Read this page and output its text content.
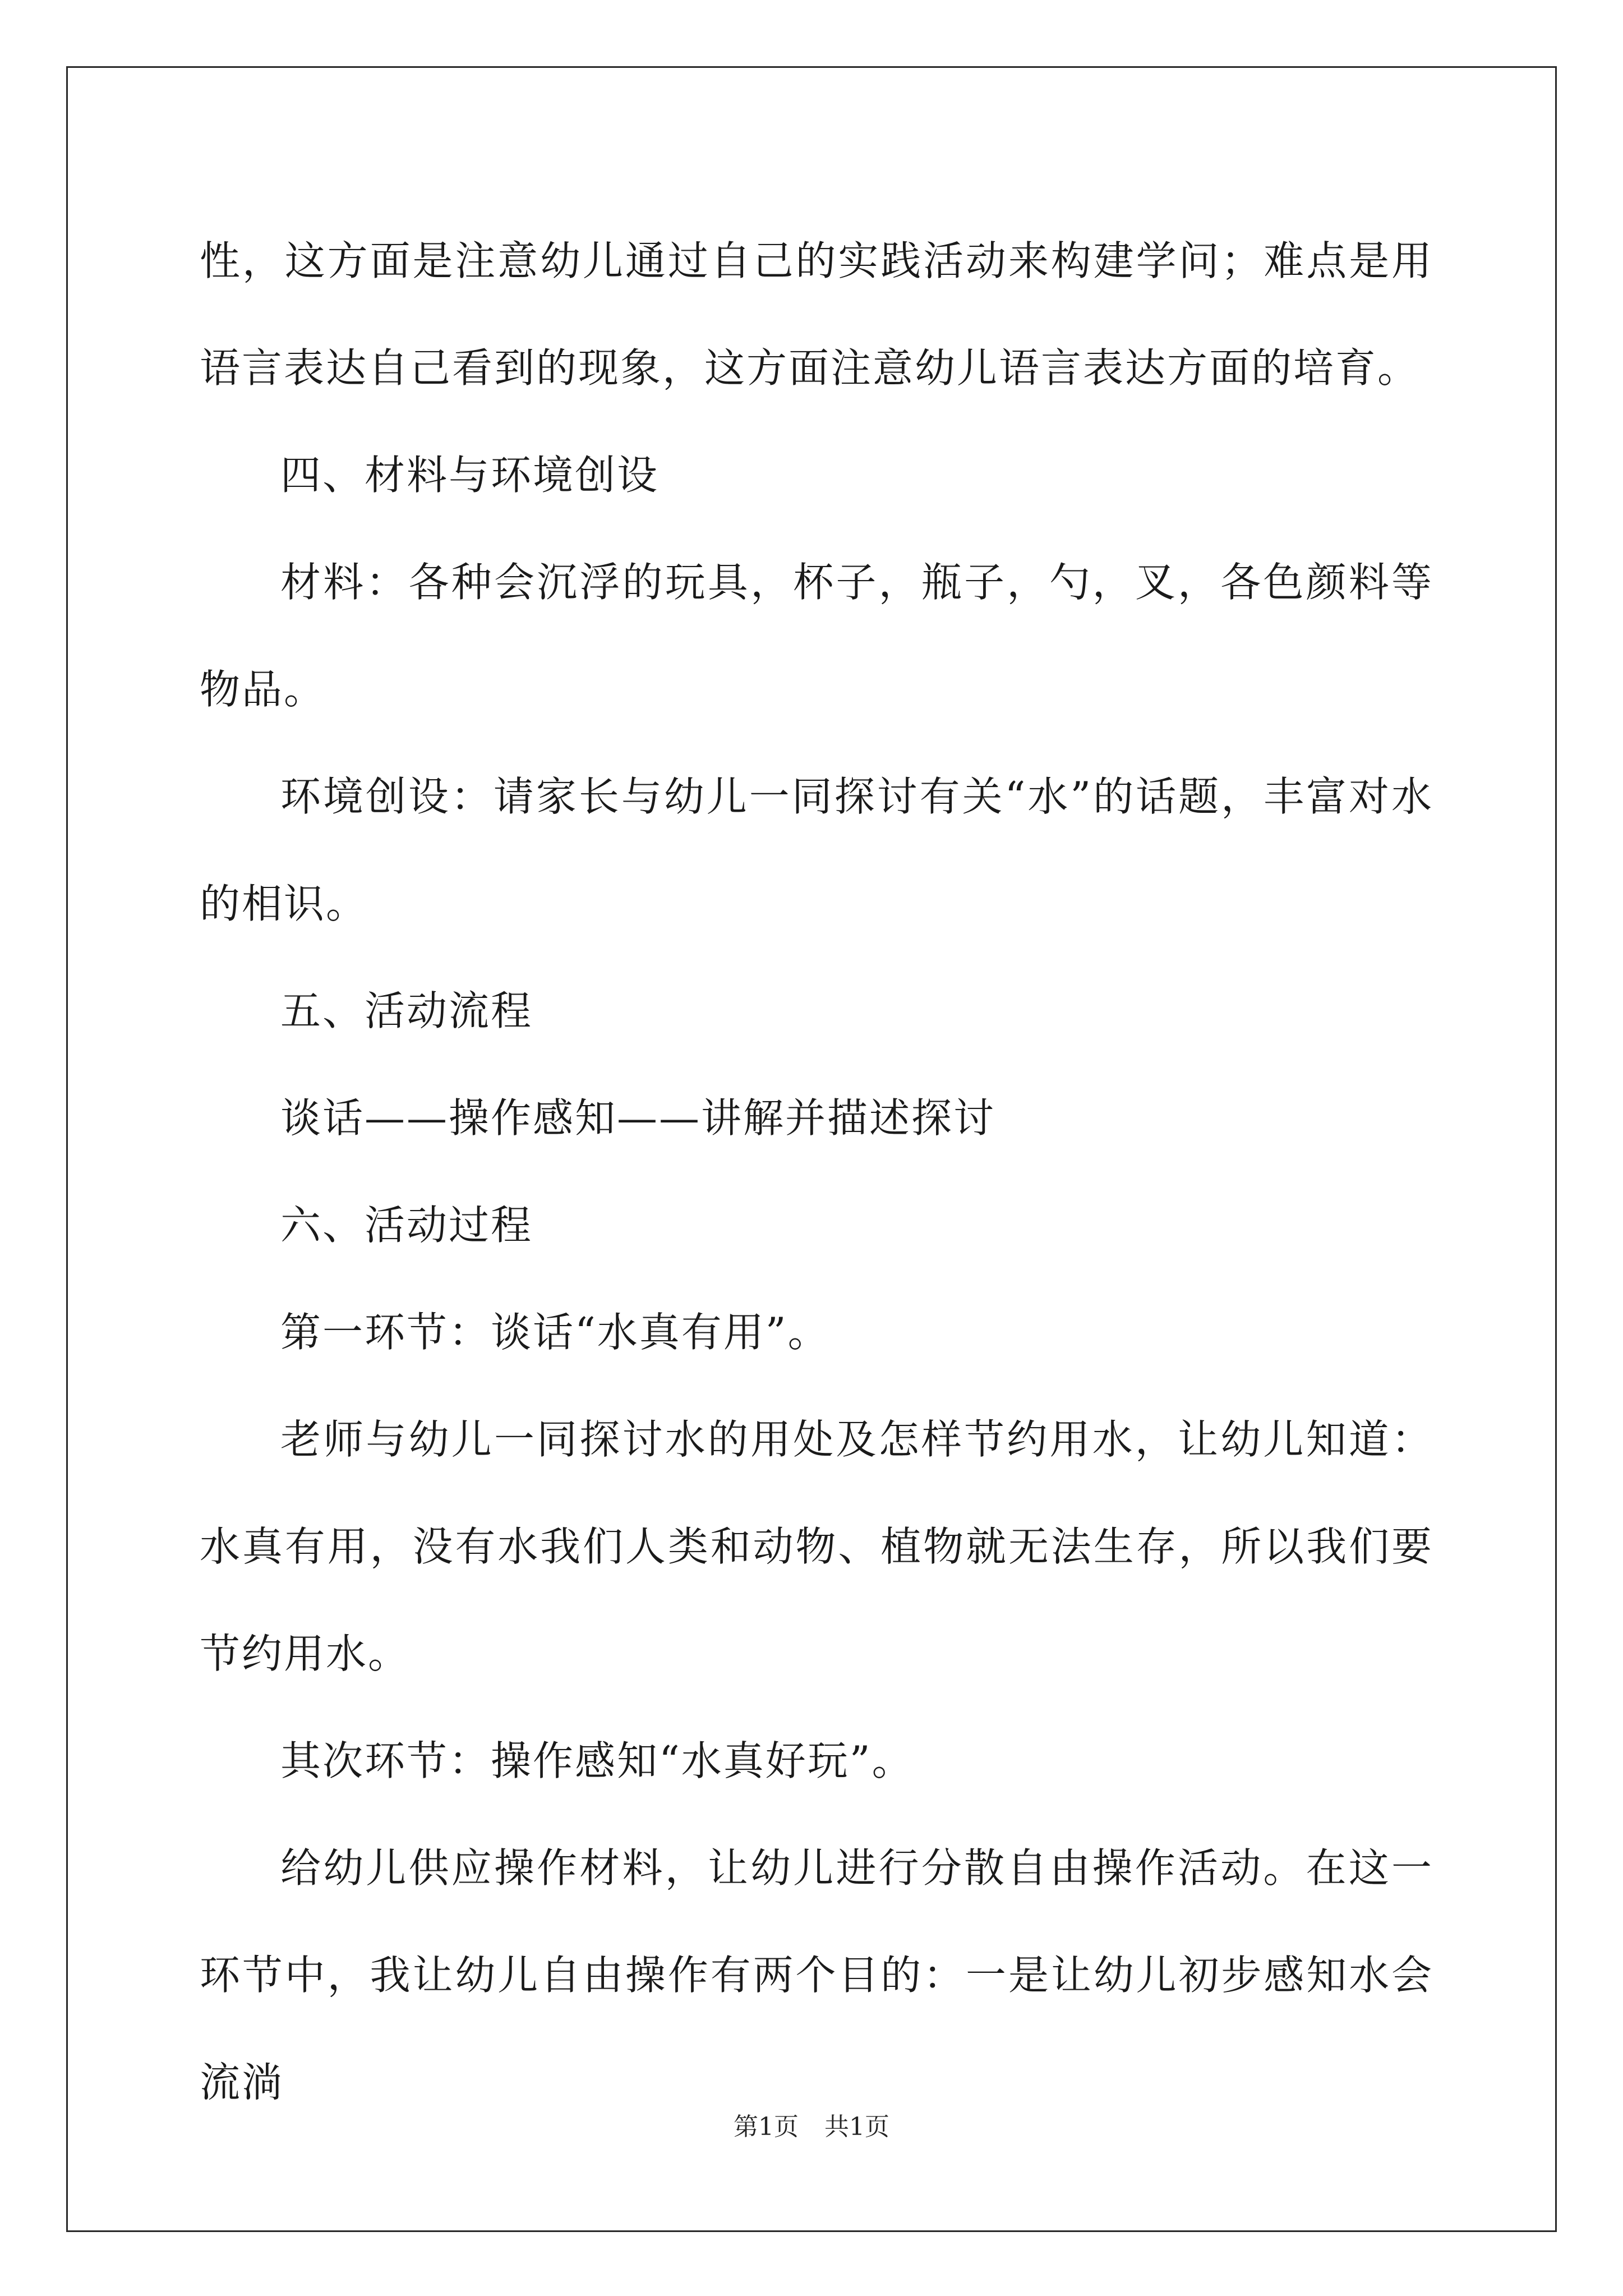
性，这方面是注意幼儿通过自己的实践活动来构建学问；难点是用语言表达自己看到的现象，这方面注意幼儿语言表达方面的培育。

四、材料与环境创设

材料：各种会沉浮的玩具，杯子，瓶子，勺，叉，各色颜料等物品。

环境创设：请家长与幼儿一同探讨有关“水”的话题，丰富对水的相识。

五、活动流程

谈话——操作感知——讲解并描述探讨

六、活动过程

第一环节：谈话“水真有用”。

老师与幼儿一同探讨水的用处及怎样节约用水，让幼儿知道：水真有用，没有水我们人类和动物、植物就无法生存，所以我们要节约用水。

其次环节：操作感知“水真好玩”。

给幼儿供应操作材料，让幼儿进行分散自由操作活动。在这一环节中，我让幼儿自由操作有两个目的：一是让幼儿初步感知水会流淌

第1页 共1页
